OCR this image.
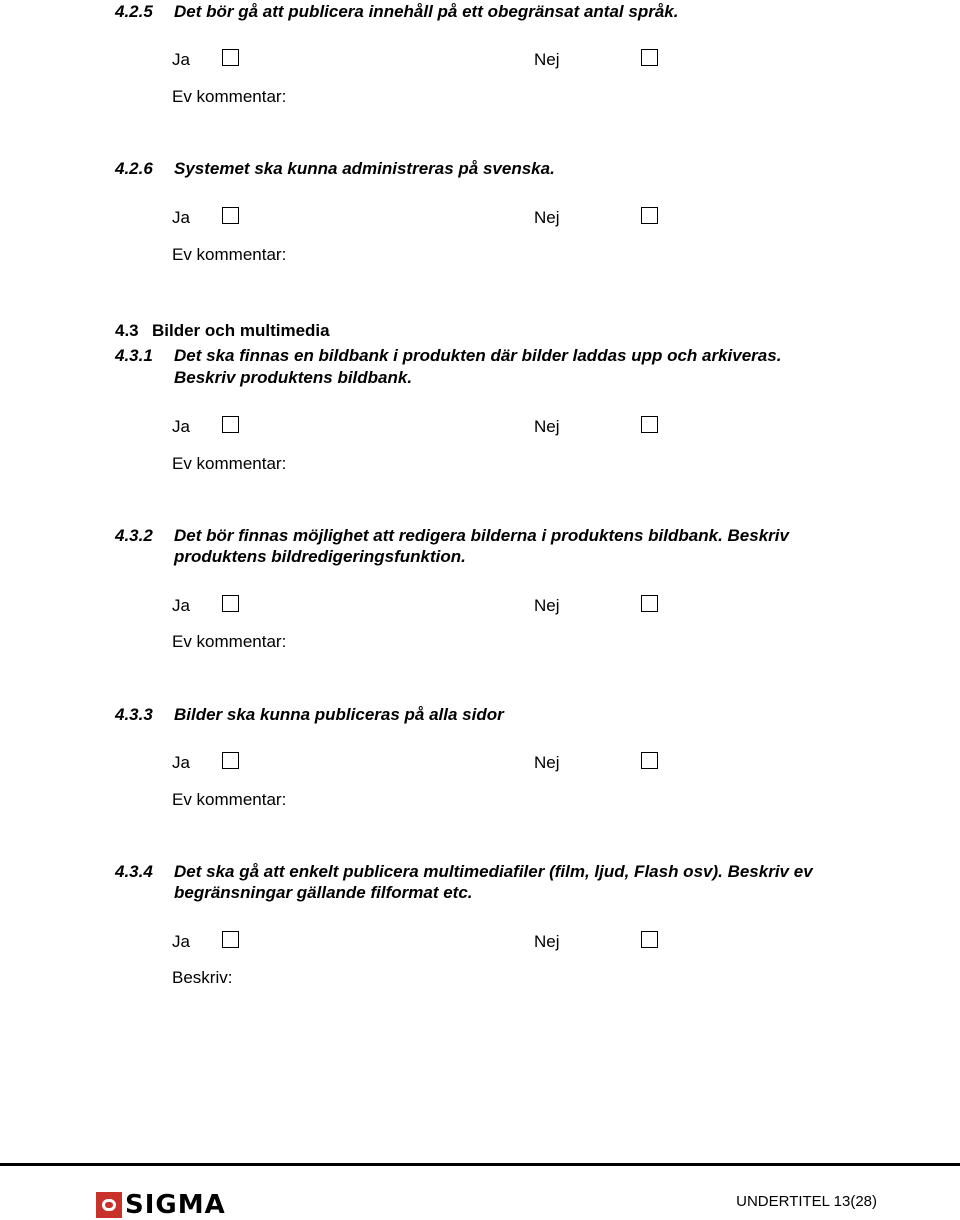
4.2.5 Det bör gå att publicera innehåll på ett obegränsat antal språk.
Ja	Nej
Ev kommentar:
4.2.6 Systemet ska kunna administreras på svenska.
Ja	Nej
Ev kommentar:
4.3 Bilder och multimedia
4.3.1 Det ska finnas en bildbank i produkten där bilder laddas upp och arkiveras.
Beskriv produktens bildbank.
Ja	Nej
Ev kommentar:
4.3.2 Det bör finnas möjlighet att redigera bilderna i produktens bildbank. Beskriv
produktens bildredigeringsfunktion.
Ja	Nej
Ev kommentar:
4.3.3 Bilder ska kunna publiceras på alla sidor
Ja	Nej
Ev kommentar:
4.3.4 Det ska gå att enkelt publicera multimediafiler (film, ljud, Flash osv). Beskriv ev
begränsningar gällande filformat etc.
Ja	Nej
Beskriv:
SIGMA	UNDERTITEL 13(28)
